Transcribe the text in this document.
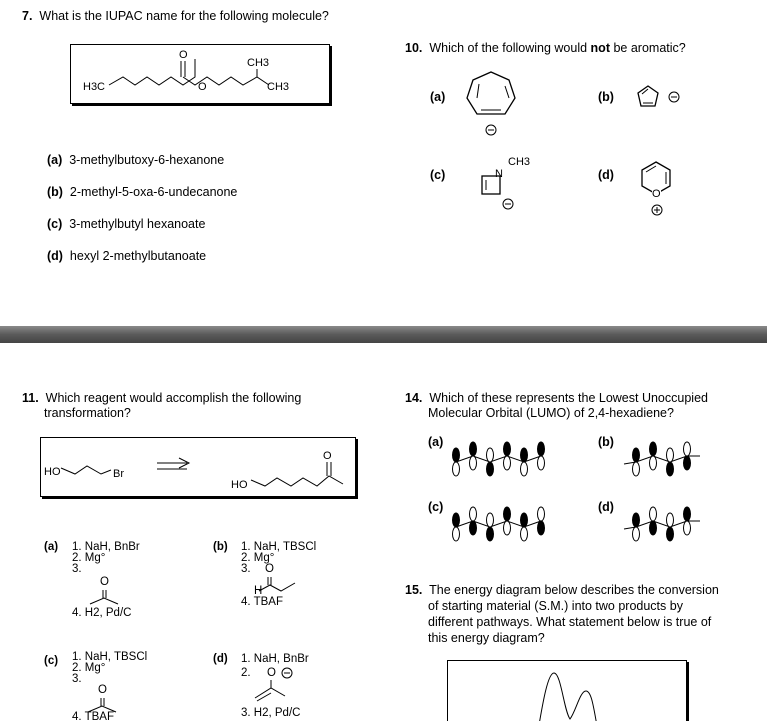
7. What is the IUPAC name for the following molecule?
H3C
O
O
CH3
CH3
(a) 3-methylbutoxy-6-hexanone
(b) 2-methyl-5-oxa-6-undecanone
(c) 3-methylbutyl hexanoate
(d) hexyl 2-methylbutanoate
10. Which of the following would not be aromatic?
(a)	(b)
(c)	N
CH3
(d)
O
11. Which reagent would accomplish the following
transformation?
HO	Br
HO
O
(a) 1. NaH, BnBr
2. Mg°
3.
O
4. H2, Pd/C
(b) 1. NaH, TBSCl
2. Mg°
3. O
H
4. TBAF
(c) 1. NaH, TBSCl
2. Mg°
3.
O
4. TBAF
(d) 1. NaH, BnBr
2. O
3. H2, Pd/C
14. Which of these represents the Lowest Unoccupied
Molecular Orbital (LUMO) of 2,4-hexadiene?
(a)	(b)
(c)	(d)
15. The energy diagram below describes the conversion
of starting material (S.M.) into two products by
different pathways. What statement below is true of
this energy diagram?
